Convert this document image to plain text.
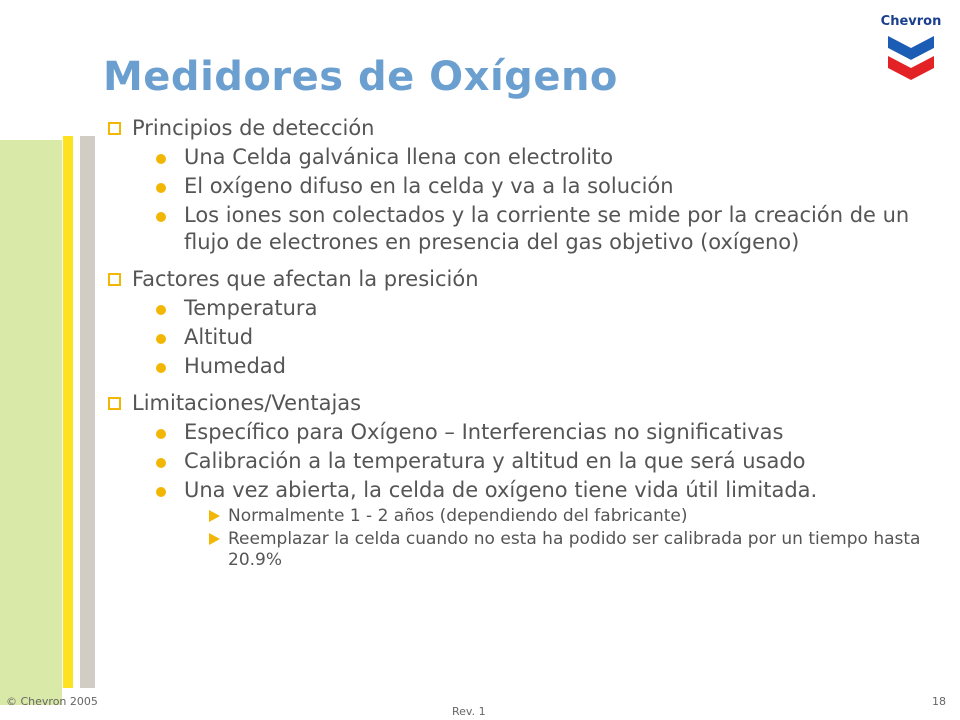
Medidores de Oxígeno
Chevron
Principios de detección
Una Celda galvánica llena con electrolito
El oxígeno difuso en la celda y va a la solución
Los iones son colectados y la corriente se mide por la creación de un flujo de electrones en presencia del gas objetivo (oxígeno)
Factores que afectan la presición
Temperatura
Altitud
Humedad
Limitaciones/Ventajas
Específico para Oxígeno – Interferencias no significativas
Calibración a la temperatura y altitud en la que será usado
Una vez abierta, la celda de oxígeno tiene vida útil limitada.
Normalmente 1 - 2 años (dependiendo del fabricante)
Reemplazar la celda cuando no esta ha podido ser calibrada por un tiempo hasta 20.9%
© Chevron 2005
Rev. 1
18
